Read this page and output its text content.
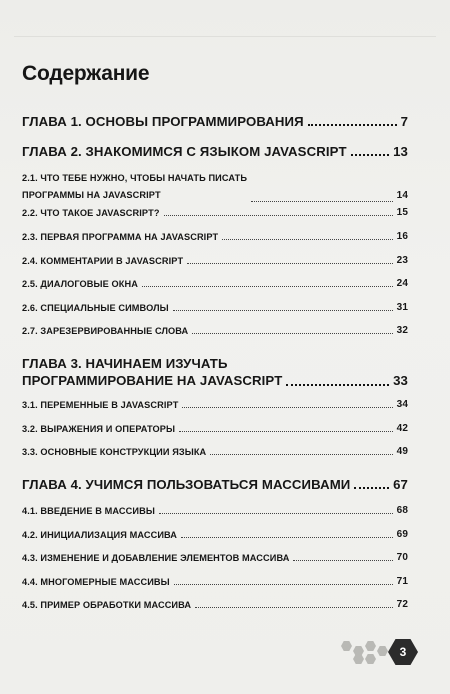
Содержание
ГЛАВА 1. ОСНОВЫ ПРОГРАММИРОВАНИЯ	7
ГЛАВА 2. ЗНАКОМИМСЯ С ЯЗЫКОМ JAVASCRIPT	13
2.1. ЧТО ТЕБЕ НУЖНО, ЧТОБЫ НАЧАТЬ ПИСАТЬ
ПРОГРАММЫ НА JAVASCRIPT	14
2.2. ЧТО ТАКОЕ JAVASCRIPT?	15
2.3. ПЕРВАЯ ПРОГРАММА НА JAVASCRIPT	16
2.4. КОММЕНТАРИИ В JAVASCRIPT	23
2.5. ДИАЛОГОВЫЕ ОКНА	24
2.6. СПЕЦИАЛЬНЫЕ СИМВОЛЫ	31
2.7. ЗАРЕЗЕРВИРОВАННЫЕ СЛОВА	32
ГЛАВА 3. НАЧИНАЕМ ИЗУЧАТЬ
ПРОГРАММИРОВАНИЕ НА JAVASCRIPT	33
3.1. ПЕРЕМЕННЫЕ В JAVASCRIPT	34
3.2. ВЫРАЖЕНИЯ И ОПЕРАТОРЫ	42
3.3. ОСНОВНЫЕ КОНСТРУКЦИИ ЯЗЫКА	49
ГЛАВА 4. УЧИМСЯ ПОЛЬЗОВАТЬСЯ МАССИВАМИ	67
4.1. ВВЕДЕНИЕ В МАССИВЫ	68
4.2. ИНИЦИАЛИЗАЦИЯ МАССИВА	69
4.3. ИЗМЕНЕНИЕ И ДОБАВЛЕНИЕ ЭЛЕМЕНТОВ МАССИВА	70
4.4. МНОГОМЕРНЫЕ МАССИВЫ	71
4.5. ПРИМЕР ОБРАБОТКИ МАССИВА	72
3
